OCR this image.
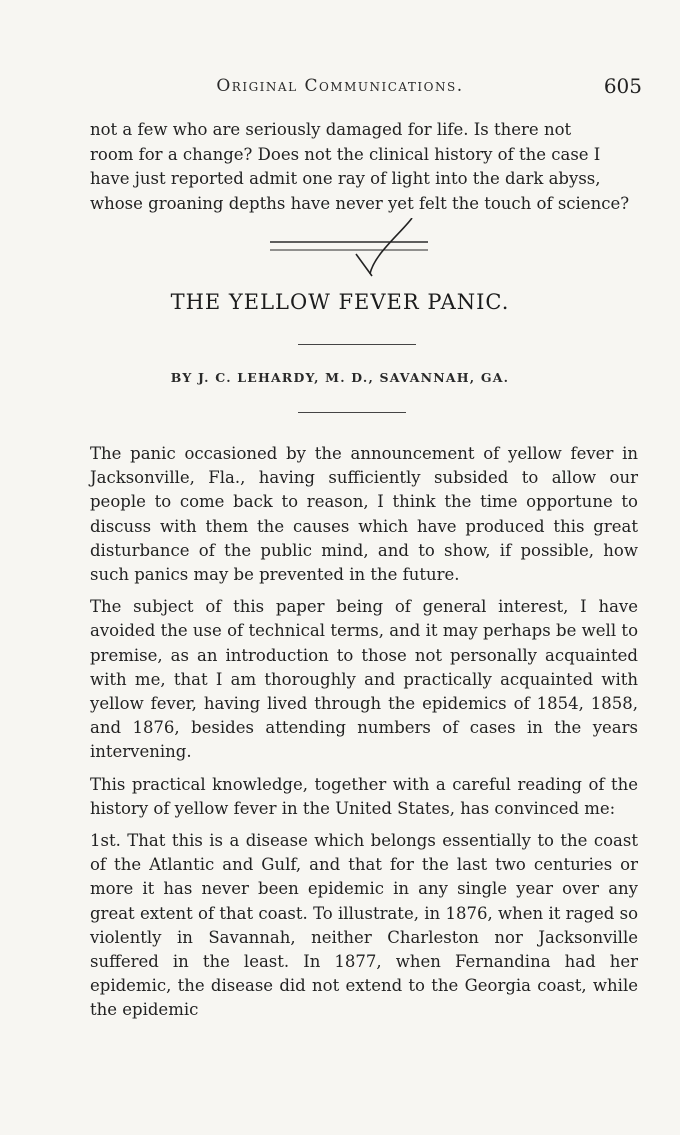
Original Communications.	605
not a few who are seriously damaged for life. Is there not
room for a change? Does not the clinical history of the case I
have just reported admit one ray of light into the dark abyss,
whose groaning depths have never yet felt the touch of science?
THE YELLOW FEVER PANIC.
BY J. C. LEHARDY, M. D., SAVANNAH, GA.

The panic occasioned by the announcement of yellow fever in Jacksonville, Fla., having sufficiently subsided to allow our people to come back to reason, I think the time opportune to discuss with them the causes which have produced this great disturbance of the public mind, and to show, if possible, how such panics may be prevented in the future.

The subject of this paper being of general interest, I have avoided the use of technical terms, and it may perhaps be well to premise, as an introduction to those not personally acquainted with me, that I am thoroughly and practically acquainted with yellow fever, having lived through the epidemics of 1854, 1858, and 1876, besides attending numbers of cases in the years intervening.

This practical knowledge, together with a careful reading of the history of yellow fever in the United States, has convinced me:

1st. That this is a disease which belongs essentially to the coast of the Atlantic and Gulf, and that for the last two centuries or more it has never been epidemic in any single year over any great extent of that coast. To illustrate, in 1876, when it raged so violently in Savannah, neither Charleston nor Jacksonville suffered in the least. In 1877, when Fernandina had her epidemic, the disease did not extend to the Georgia coast, while the epidemic
